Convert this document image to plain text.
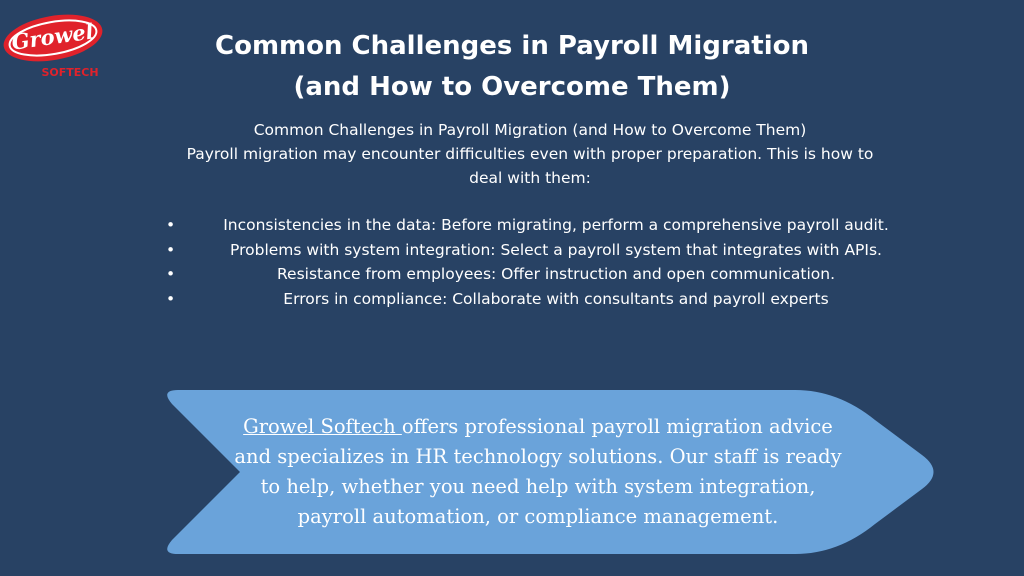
Growel
SOFTECH
Common Challenges in Payroll Migration
(and How to Overcome Them)
Common Challenges in Payroll Migration (and How to Overcome Them)
Payroll migration may encounter difficulties even with proper preparation. This is how to
deal with them:
•	Inconsistencies in the data: Before migrating, perform a comprehensive payroll audit.
•	Problems with system integration: Select a payroll system that integrates with APIs.
•	Resistance from employees: Offer instruction and open communication.
•	Errors in compliance: Collaborate with consultants and payroll experts
Growel Softech offers professional payroll migration advice and specializes in HR technology solutions. Our staff is ready to help, whether you need help with system integration, payroll automation, or compliance management.
